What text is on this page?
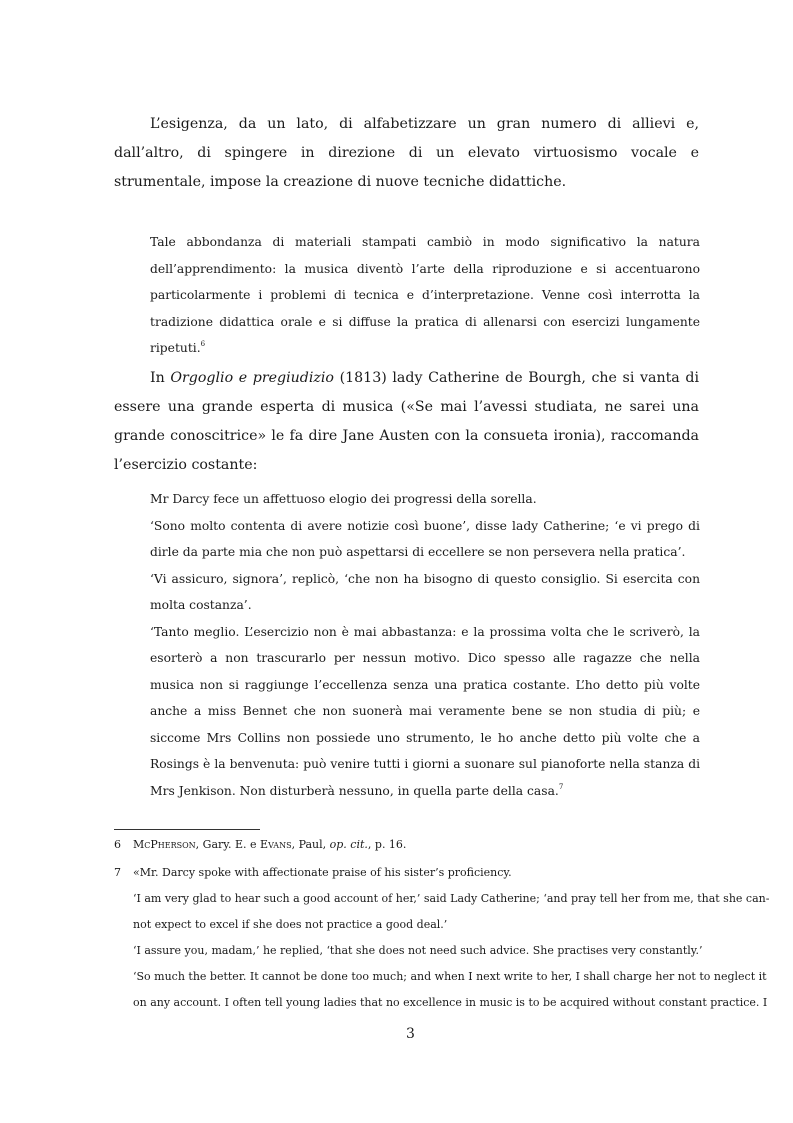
L’esigenza, da un lato, di alfabetizzare un gran numero di allievi e, dall’altro, di spingere in direzione di un elevato virtuosismo vocale e strumentale, impose la creazione di nuove tecniche didattiche.

Tale abbondanza di materiali stampati cambiò in modo significativo la natura dell’apprendimento: la musica diventò l’arte della riproduzione e si accentuarono particolarmente i problemi di tecnica e d’interpretazione. Venne così interrotta la tradizione didattica orale e si diffuse la pratica di allenarsi con esercizi lungamente ripetuti.$^6$

In Orgoglio e pregiudizio (1813) lady Catherine de Bourgh, che si vanta di essere una grande esperta di musica («Se mai l’avessi studiata, ne sarei una grande conoscitrice» le fa dire Jane Austen con la consueta ironia), raccomanda l’esercizio costante:

Mr Darcy fece un affettuoso elogio dei progressi della sorella.

‘Sono molto contenta di avere notizie così buone’, disse lady Catherine; ‘e vi prego di dirle da parte mia che non può aspettarsi di eccellere se non persevera nella pratica’.

‘Vi assicuro, signora’, replicò, ‘che non ha bisogno di questo consiglio. Si esercita con molta costanza’.

‘Tanto meglio. L’esercizio non è mai abbastanza: e la prossima volta che le scriverò, la esorterò a non trascurarlo per nessun motivo. Dico spesso alle ragazze che nella musica non si raggiunge l’eccellenza senza una pratica costante. L’ho detto più volte anche a miss Bennet che non suonerà mai veramente bene se non studia di più; e siccome Mrs Collins non possiede uno strumento, le ho anche detto più volte che a Rosings è la benvenuta: può venire tutti i giorni a suonare sul pianoforte nella stanza di Mrs Jenkison. Non disturberà nessuno, in quella parte della casa.$^7$

6 McPherson, Gary. E. e Evans, Paul, op. cit., p. 16.
7 «Mr. Darcy spoke with affectionate praise of his sister’s proficiency.
‘I am very glad to hear such a good account of her,’ said Lady Catherine; ‘and pray tell her from me, that she can-
not expect to excel if she does not practice a good deal.’
‘I assure you, madam,’ he replied, ‘that she does not need such advice. She practises very constantly.’
‘So much the better. It cannot be done too much; and when I next write to her, I shall charge her not to neglect it
on any account. I often tell young ladies that no excellence in music is to be acquired without constant practice. I
3
